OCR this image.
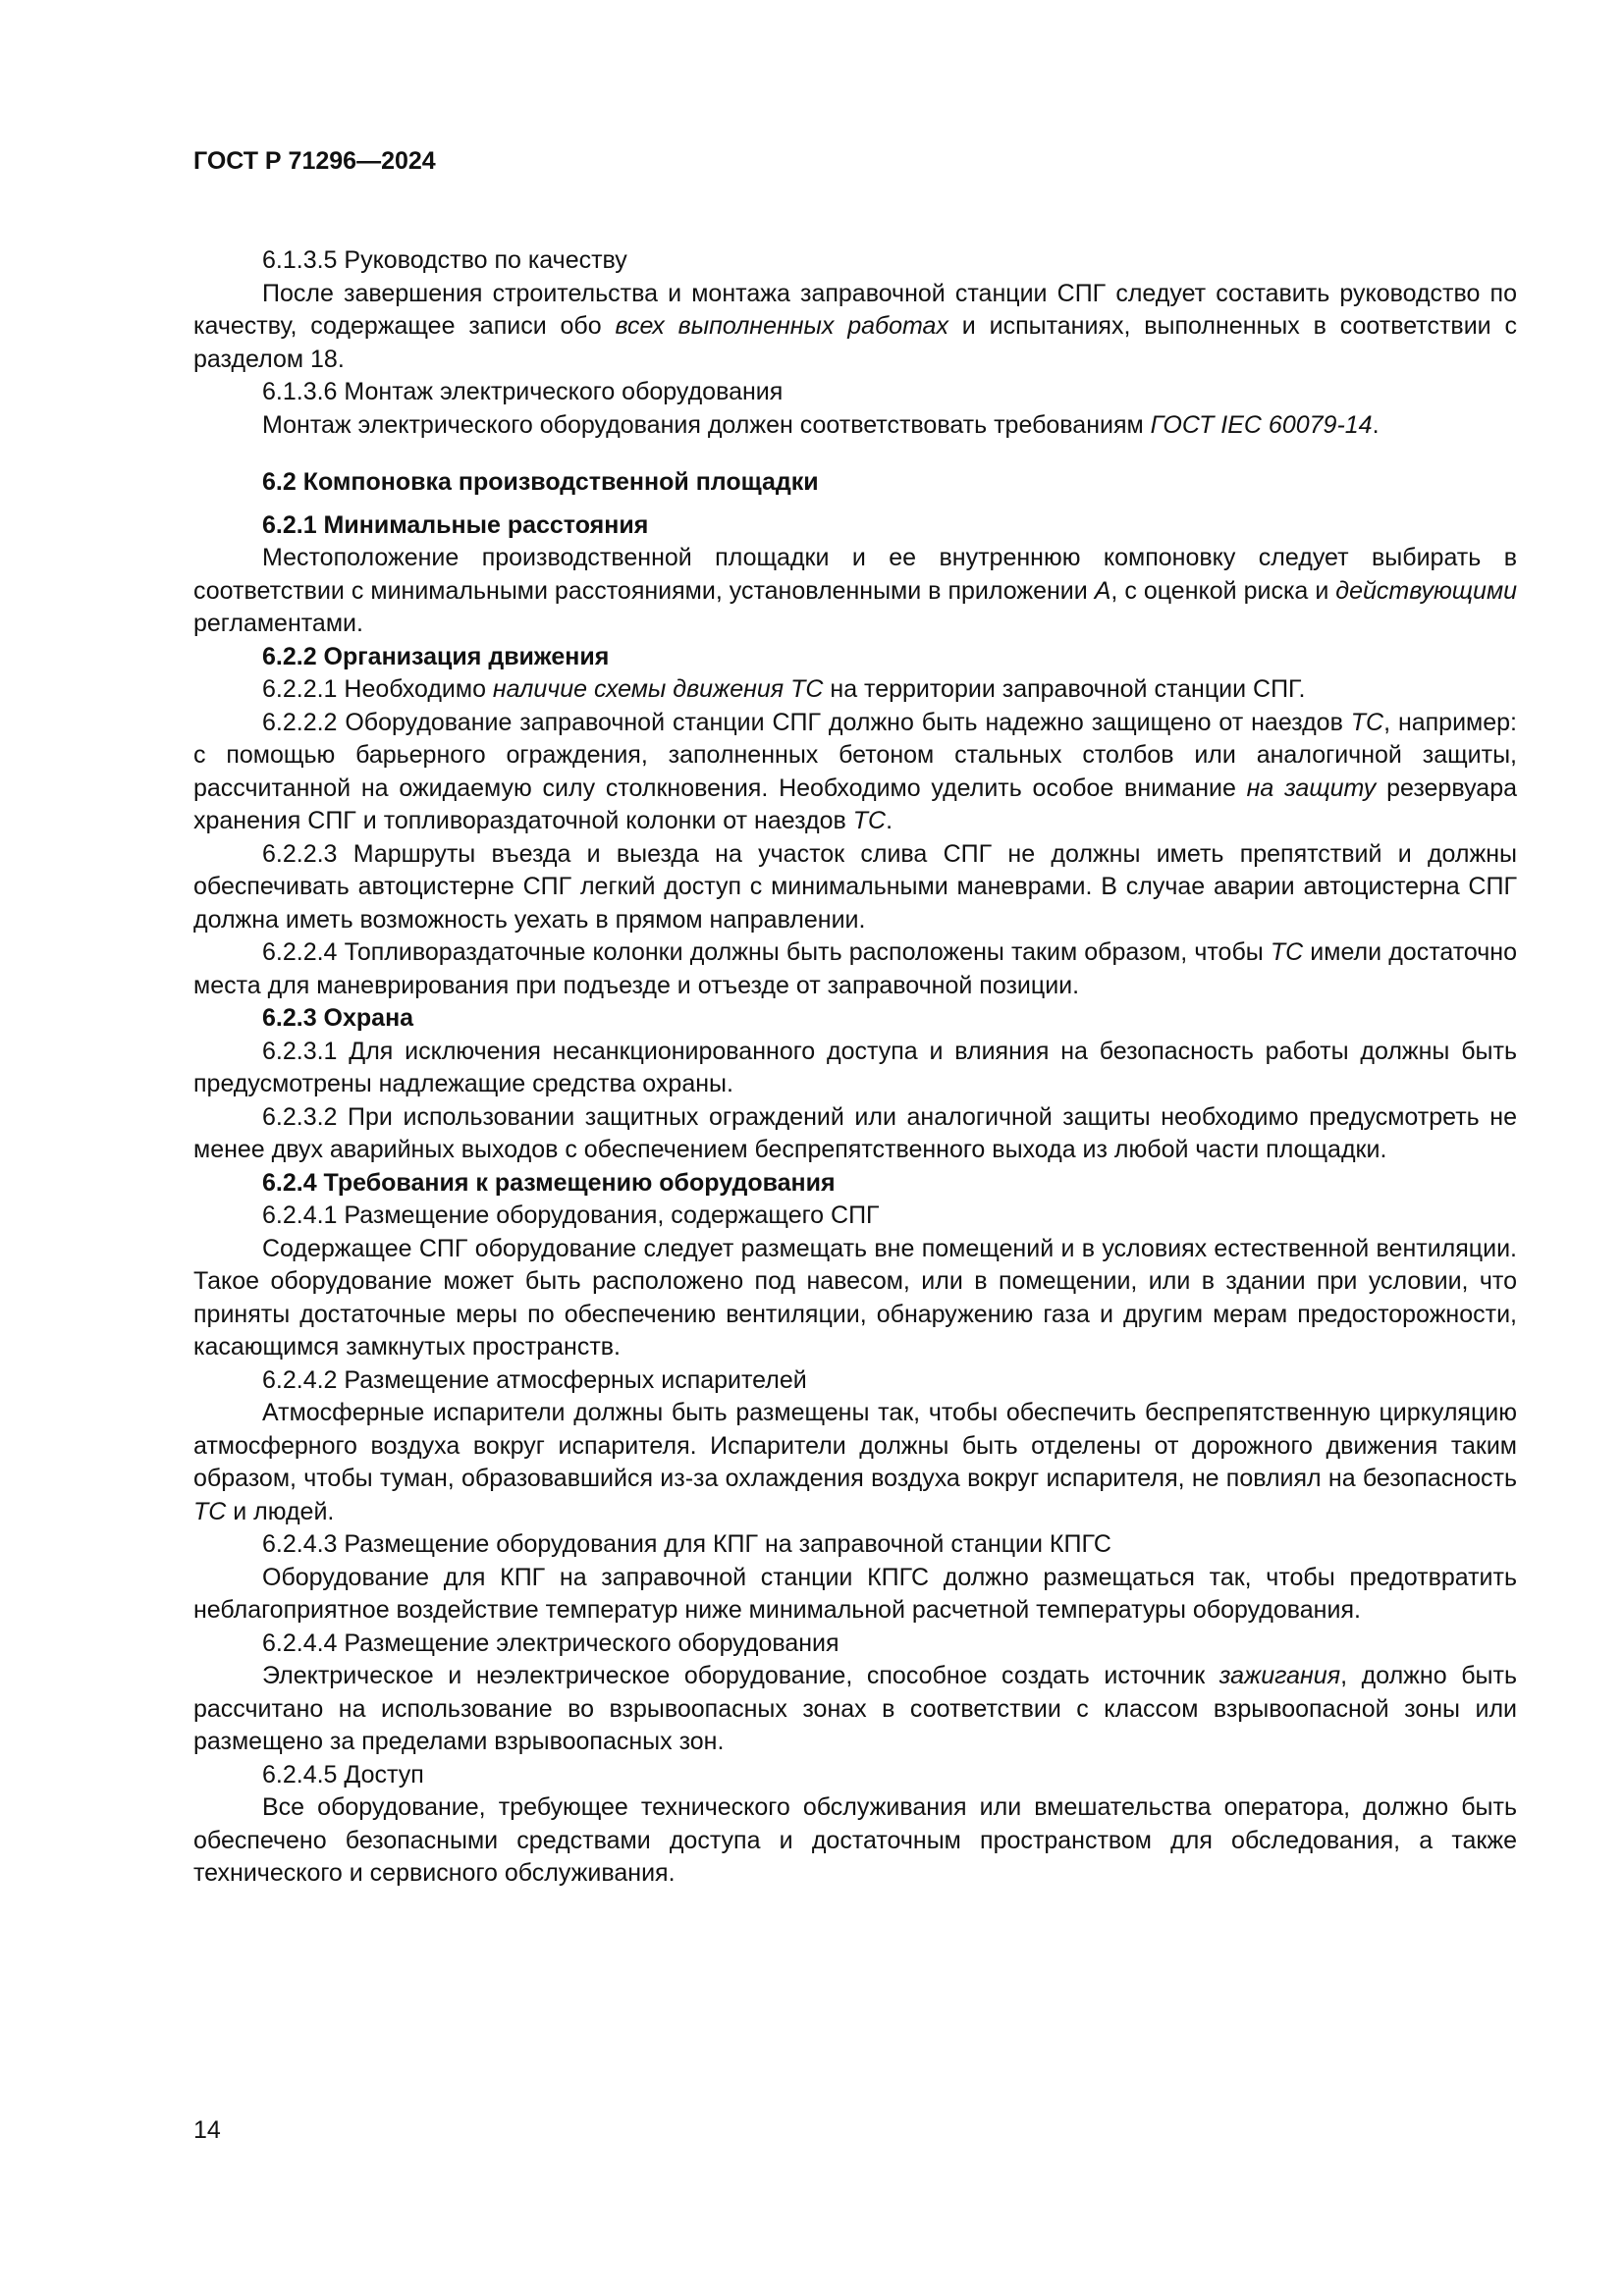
ГОСТ Р 71296—2024

6.1.3.5 Руководство по качеству

После завершения строительства и монтажа заправочной станции СПГ следует составить руководство по качеству, содержащее записи обо всех выполненных работах и испытаниях, выполненных в соответствии с разделом 18.

6.1.3.6 Монтаж электрического оборудования

Монтаж электрического оборудования должен соответствовать требованиям ГОСТ IEC 60079-14.

6.2 Компоновка производственной площадки

6.2.1 Минимальные расстояния

Местоположение производственной площадки и ее внутреннюю компоновку следует выбирать в соответствии с минимальными расстояниями, установленными в приложении А, с оценкой риска и действующими регламентами.

6.2.2 Организация движения

6.2.2.1 Необходимо наличие схемы движения ТС на территории заправочной станции СПГ.

6.2.2.2 Оборудование заправочной станции СПГ должно быть надежно защищено от наездов ТС, например: с помощью барьерного ограждения, заполненных бетоном стальных столбов или аналогичной защиты, рассчитанной на ожидаемую силу столкновения. Необходимо уделить особое внимание на защиту резервуара хранения СПГ и топливораздаточной колонки от наездов ТС.

6.2.2.3 Маршруты въезда и выезда на участок слива СПГ не должны иметь препятствий и должны обеспечивать автоцистерне СПГ легкий доступ с минимальными маневрами. В случае аварии автоцистерна СПГ должна иметь возможность уехать в прямом направлении.

6.2.2.4 Топливораздаточные колонки должны быть расположены таким образом, чтобы ТС имели достаточно места для маневрирования при подъезде и отъезде от заправочной позиции.

6.2.3 Охрана

6.2.3.1 Для исключения несанкционированного доступа и влияния на безопасность работы должны быть предусмотрены надлежащие средства охраны.

6.2.3.2 При использовании защитных ограждений или аналогичной защиты необходимо предусмотреть не менее двух аварийных выходов с обеспечением беспрепятственного выхода из любой части площадки.

6.2.4 Требования к размещению оборудования

6.2.4.1 Размещение оборудования, содержащего СПГ

Содержащее СПГ оборудование следует размещать вне помещений и в условиях естественной вентиляции. Такое оборудование может быть расположено под навесом, или в помещении, или в здании при условии, что приняты достаточные меры по обеспечению вентиляции, обнаружению газа и другим мерам предосторожности, касающимся замкнутых пространств.

6.2.4.2 Размещение атмосферных испарителей

Атмосферные испарители должны быть размещены так, чтобы обеспечить беспрепятственную циркуляцию атмосферного воздуха вокруг испарителя. Испарители должны быть отделены от дорожного движения таким образом, чтобы туман, образовавшийся из-за охлаждения воздуха вокруг испарителя, не повлиял на безопасность ТС и людей.

6.2.4.3 Размещение оборудования для КПГ на заправочной станции КПГС

Оборудование для КПГ на заправочной станции КПГС должно размещаться так, чтобы предотвратить неблагоприятное воздействие температур ниже минимальной расчетной температуры оборудования.

6.2.4.4 Размещение электрического оборудования

Электрическое и неэлектрическое оборудование, способное создать источник зажигания, должно быть рассчитано на использование во взрывоопасных зонах в соответствии с классом взрывоопасной зоны или размещено за пределами взрывоопасных зон.

6.2.4.5 Доступ

Все оборудование, требующее технического обслуживания или вмешательства оператора, должно быть обеспечено безопасными средствами доступа и достаточным пространством для обследования, а также технического и сервисного обслуживания.

14
